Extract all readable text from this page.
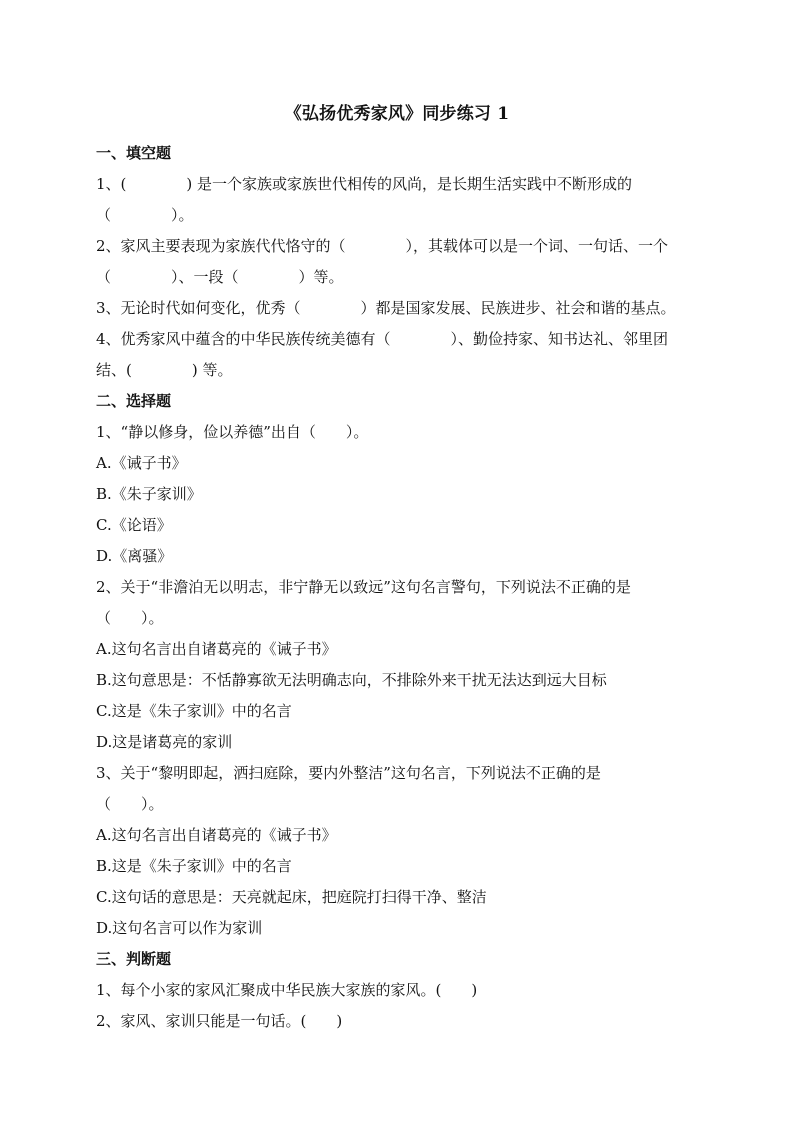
《弘扬优秀家风》同步练习 1

一、填空题

1、(　　　　) 是一个家族或家族世代相传的风尚，是长期生活实践中不断形成的

（　　　　）。

2、家风主要表现为家族代代恪守的（　　　　），其载体可以是一个词、一句话、一个

（　　　　）、一段（　　　　）等。

3、无论时代如何变化，优秀（　　　　）都是国家发展、民族进步、社会和谐的基点。

4、优秀家风中蕴含的中华民族传统美德有（　　　　）、勤俭持家、知书达礼、邻里团

结、(　　　　) 等。

二、选择题

1、“静以修身，俭以养德”出自（　　）。

A.《诫子书》

B.《朱子家训》

C.《论语》

D.《离骚》

2、关于“非澹泊无以明志，非宁静无以致远”这句名言警句，下列说法不正确的是

（　　）。

A.这句名言出自诸葛亮的《诫子书》

B.这句意思是：不恬静寡欲无法明确志向，不排除外来干扰无法达到远大目标

C.这是《朱子家训》中的名言

D.这是诸葛亮的家训

3、关于“黎明即起，洒扫庭除，要内外整洁”这句名言，下列说法不正确的是

（　　）。

A.这句名言出自诸葛亮的《诫子书》

B.这是《朱子家训》中的名言

C.这句话的意思是：天亮就起床，把庭院打扫得干净、整洁

D.这句名言可以作为家训

三、判断题

1、每个小家的家风汇聚成中华民族大家族的家风。(　　)

2、家风、家训只能是一句话。(　　)
